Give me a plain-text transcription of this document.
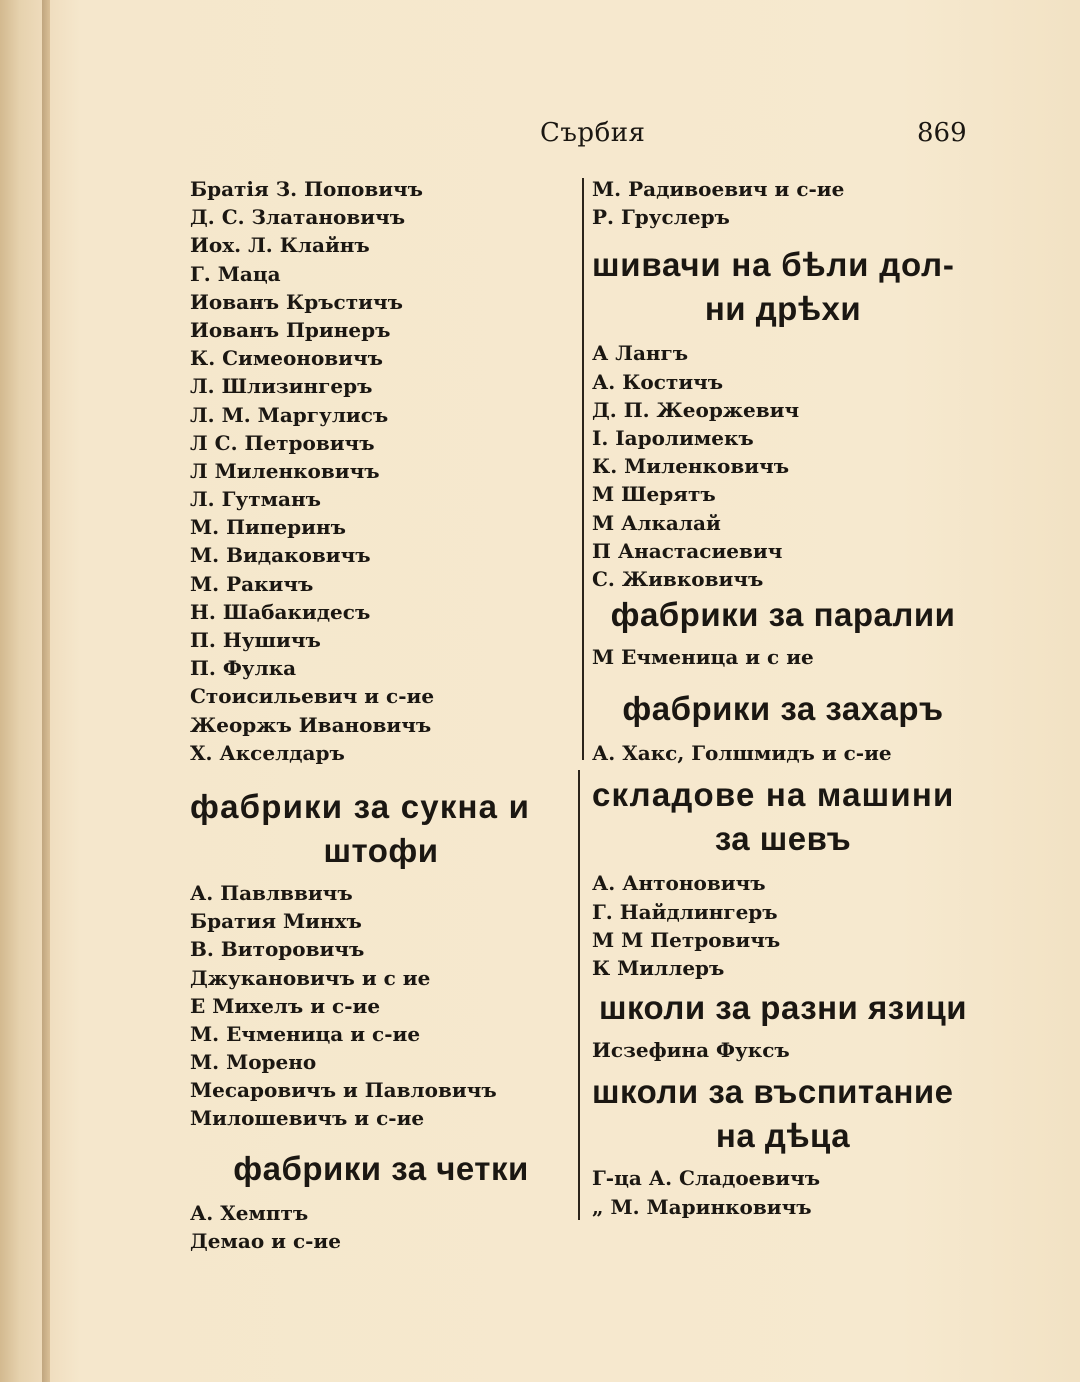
Сърбия	869
Братія З. Поповичъ
Д. С. Златановичъ
Иох. Л. Клайнъ
Г. Маца
Иованъ Кръстичъ
Иованъ Принеръ
К. Симеоновичъ
Л. Шлизингеръ
Л. М. Маргулисъ
Л С. Петровичъ
Л Миленковичъ
Л. Гутманъ
М. Пиперинъ
М. Видаковичъ
М. Ракичъ
Н. Шабакидесъ
П. Нушичъ
П. Фулка
Стоисильевич и с-ие
Жеоржъ Ивановичъ
Х. Акселдаръ
фабрики за сукна и
штофи
А. Павлввичъ
Братия Минхъ
В. Виторовичъ
Джукановичъ и с ие
Е Михелъ и с-ие
М. Ечменица и с-ие
М. Морено
Месаровичъ и Павловичъ
Милошевичъ и с-ие
фабрики за четки
А. Хемптъ
Демао и с-ие
М. Радивоевич и с-ие
Р. Груслеръ
шивачи на бѣли дол-
ни дрѣхи
А Лангъ
А. Костичъ
Д. П. Жеоржевич
I. Iаролимекъ
К. Миленковичъ
М Шерятъ
М Алкалай
П Анастасиевич
С. Живковичъ
фабрики за паралии
М Ечменица и с ие
фабрики за захаръ
А. Хакс, Голшмидъ и с-ие
складове на машини
за шевъ
А. Антоновичъ
Г. Найдлингеръ
М М Петровичъ
К Миллеръ
школи за разни язици
Исзефина Фуксъ
школи за въспитание
на дѣца
Г-ца А. Сладоевичъ
„ М. Маринковичъ
